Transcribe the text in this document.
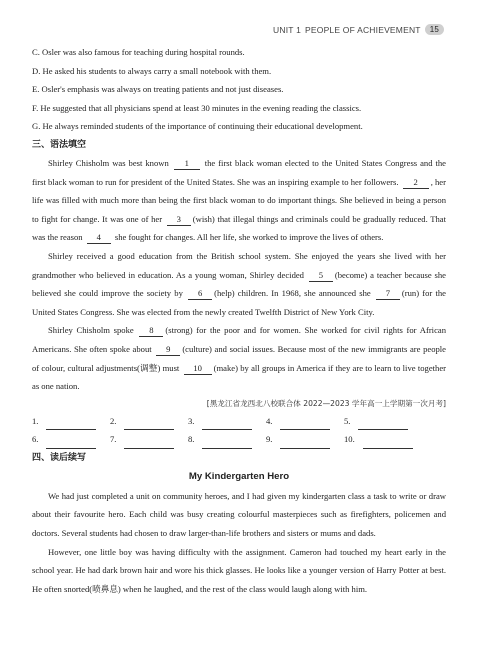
UNIT 1 PEOPLE OF ACHIEVEMENT	15
C. Osler was also famous for teaching during hospital rounds.
D. He asked his students to always carry a small notebook with them.
E. Osler's emphasis was always on treating patients and not just diseases.
F. He suggested that all physicians spend at least 30 minutes in the evening reading the classics.
G. He always reminded students of the importance of continuing their educational development.
三、语法填空

Shirley Chisholm was best known 1 the first black woman elected to the United States Congress and the first black woman to run for president of the United States. She was an inspiring example to her followers. 2 , her life was filled with much more than being the first black woman to do important things. She believed in being a person to fight for change. It was one of her 3 (wish) that illegal things and criminals could be gradually reduced. That was the reason 4 she fought for changes. All her life, she worked to improve the lives of others.

Shirley received a good education from the British school system. She enjoyed the years she lived with her grandmother who believed in education. As a young woman, Shirley decided 5 (become) a teacher because she believed she could improve the society by 6 (help) children. In 1968, she announced she 7 (run) for the United States Congress. She was elected from the newly created Twelfth District of New York City.

Shirley Chisholm spoke 8 (strong) for the poor and for women. She worked for civil rights for African Americans. She often spoke about 9 (culture) and social issues. Because most of the new immigrants are people of colour, cultural adjustments(调整) must 10 (make) by all groups in America if they are to learn to live together as one nation.

[黑龙江省龙西北八校联合体 2022—2023 学年高一上学期第一次月考]
1.	2.	3.	4.	5.
6.	7.	8.	9.	10.
四、读后续写
My Kindergarten Hero

We had just completed a unit on community heroes, and I had given my kindergarten class a task to write or draw about their favourite hero. Each child was busy creating colourful masterpieces such as firefighters, policemen and doctors. Several students had chosen to draw larger-than-life brothers and sisters or mums and dads.

However, one little boy was having difficulty with the assignment. Cameron had touched my heart early in the school year. He had dark brown hair and wore his thick glasses. He looks like a younger version of Harry Potter at best. He often snorted(喷鼻息) when he laughed, and the rest of the class would laugh along with him.
